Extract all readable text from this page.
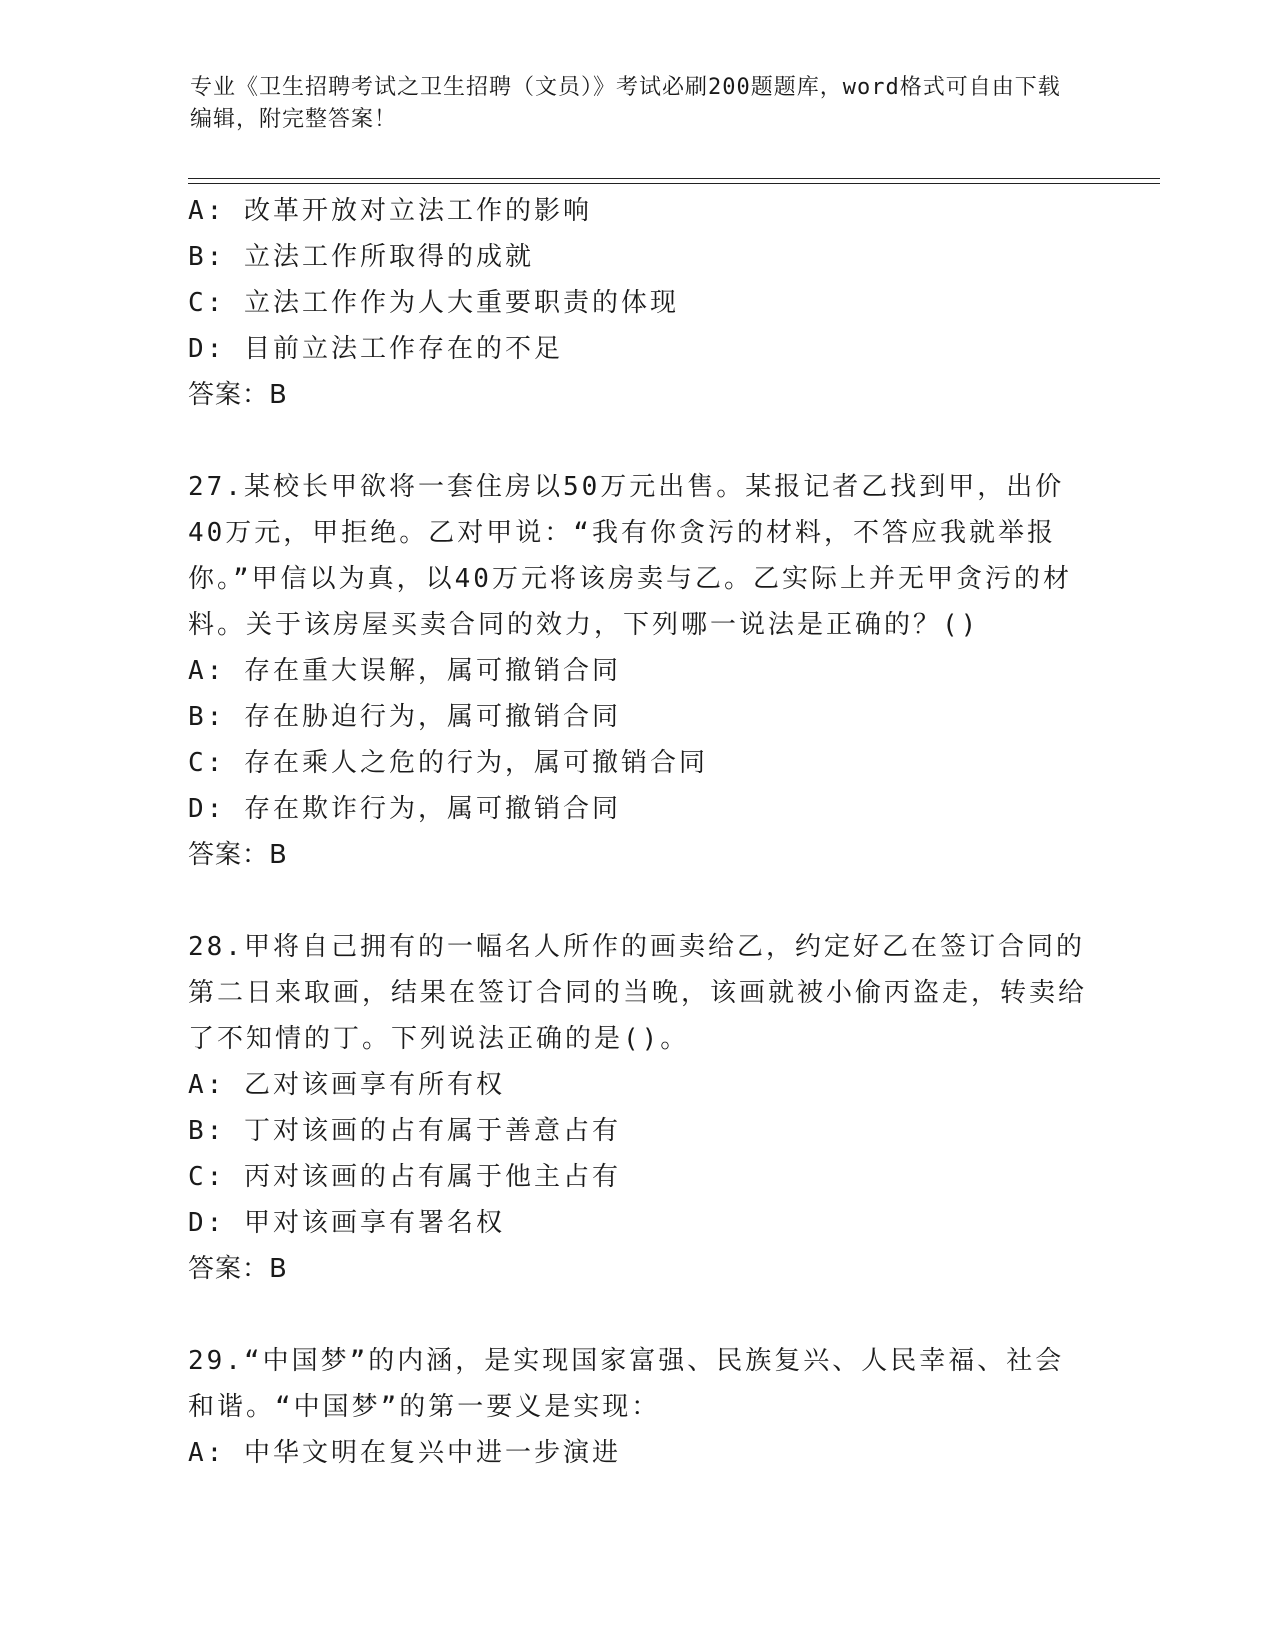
专业《卫生招聘考试之卫生招聘（文员）》考试必刷200题题库，word格式可自由下载编辑，附完整答案！
A: 改革开放对立法工作的影响
B: 立法工作所取得的成就
C: 立法工作作为人大重要职责的体现
D: 目前立法工作存在的不足
答案：B
27.某校长甲欲将一套住房以50万元出售。某报记者乙找到甲，出价40万元，甲拒绝。乙对甲说：“我有你贪污的材料，不答应我就举报你。”甲信以为真，以40万元将该房卖与乙。乙实际上并无甲贪污的材料。关于该房屋买卖合同的效力，下列哪一说法是正确的？()
A: 存在重大误解，属可撤销合同
B: 存在胁迫行为，属可撤销合同
C: 存在乘人之危的行为，属可撤销合同
D: 存在欺诈行为，属可撤销合同
答案：B
28.甲将自己拥有的一幅名人所作的画卖给乙，约定好乙在签订合同的第二日来取画，结果在签订合同的当晚，该画就被小偷丙盗走，转卖给了不知情的丁。下列说法正确的是()。
A: 乙对该画享有所有权
B: 丁对该画的占有属于善意占有
C: 丙对该画的占有属于他主占有
D: 甲对该画享有署名权
答案：B
29.“中国梦”的内涵，是实现国家富强、民族复兴、人民幸福、社会和谐。“中国梦”的第一要义是实现：
A: 中华文明在复兴中进一步演进
